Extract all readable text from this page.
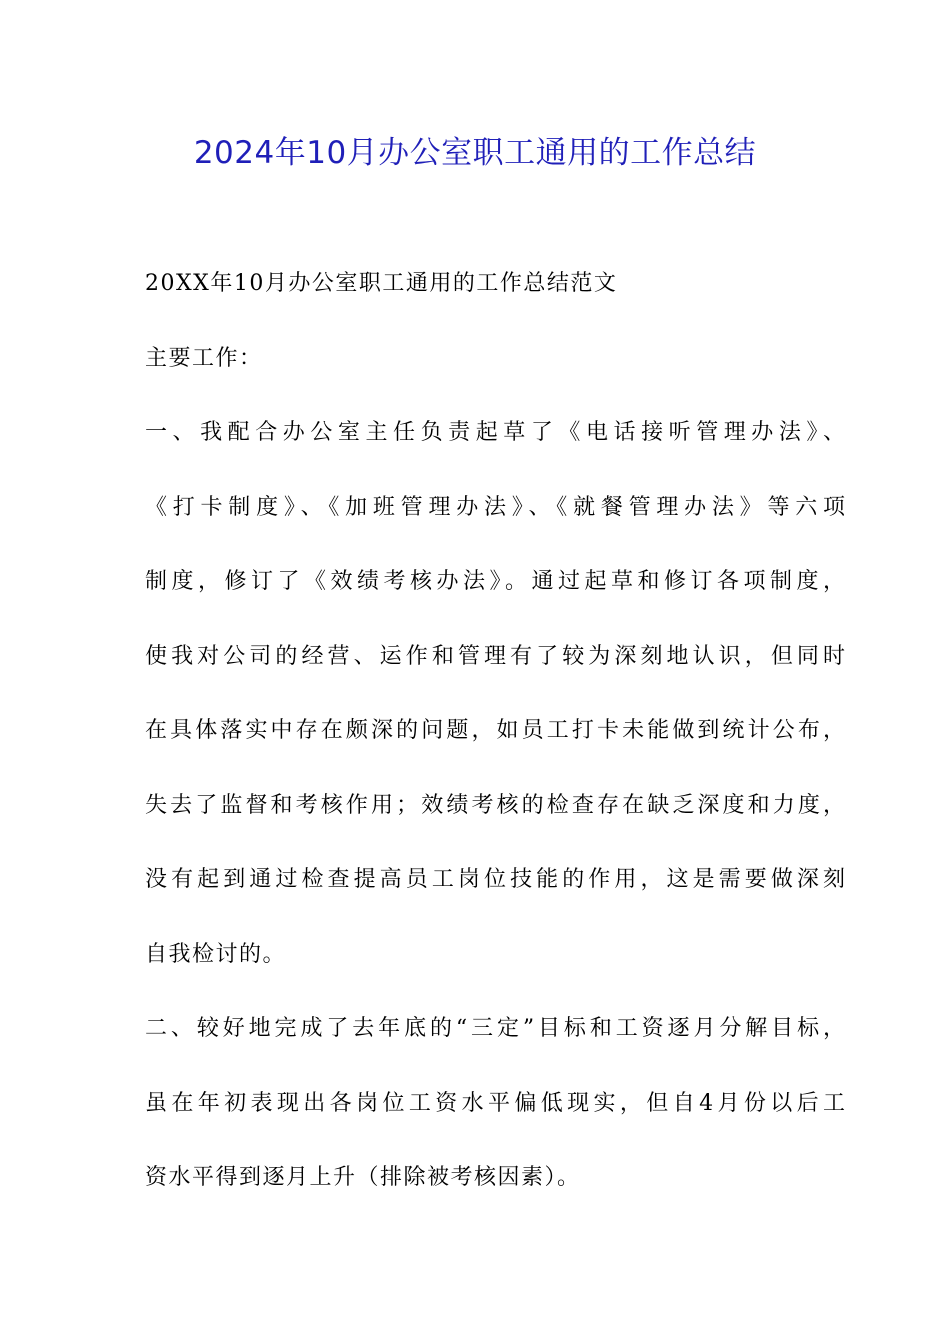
2024年10月办公室职工通用的工作总结
20XX年10月办公室职工通用的工作总结范文
主要工作：
一、我配合办公室主任负责起草了《电话接听管理办法》、
《打卡制度》、《加班管理办法》、《就餐管理办法》等六项
制度，修订了《效绩考核办法》。通过起草和修订各项制度，
使我对公司的经营、运作和管理有了较为深刻地认识，但同时
在具体落实中存在颇深的问题，如员工打卡未能做到统计公布，
失去了监督和考核作用；效绩考核的检查存在缺乏深度和力度，
没有起到通过检查提高员工岗位技能的作用，这是需要做深刻
自我检讨的。
二、较好地完成了去年底的“三定”目标和工资逐月分解目标，
虽在年初表现出各岗位工资水平偏低现实，但自4月份以后工
资水平得到逐月上升（排除被考核因素）。
